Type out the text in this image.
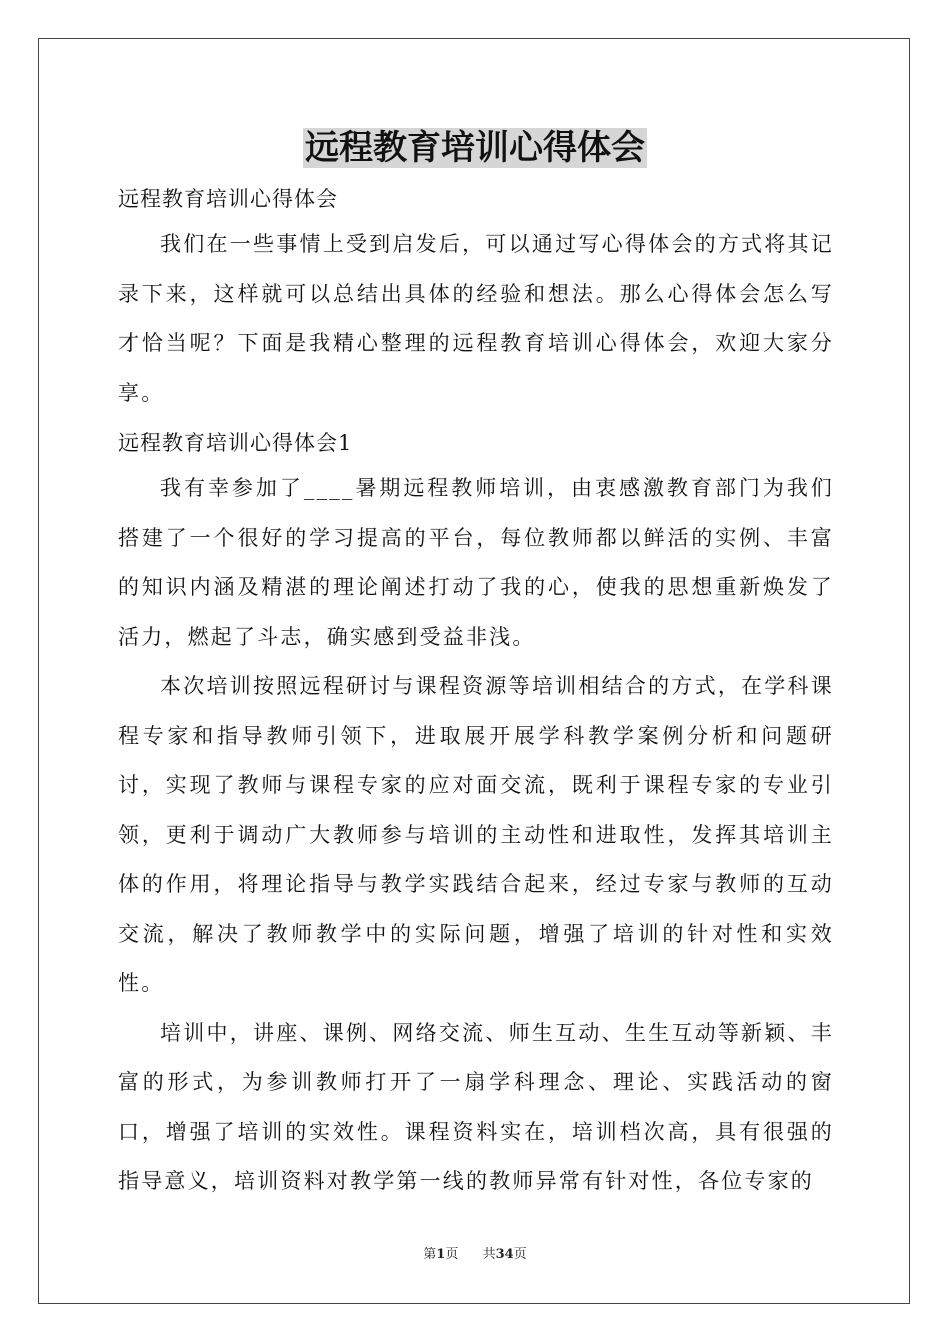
远程教育培训心得体会

远程教育培训心得体会

我们在一些事情上受到启发后，可以通过写心得体会的方式将其记录下来，这样就可以总结出具体的经验和想法。那么心得体会怎么写才恰当呢？下面是我精心整理的远程教育培训心得体会，欢迎大家分享。

远程教育培训心得体会1

我有幸参加了____暑期远程教师培训，由衷感激教育部门为我们搭建了一个很好的学习提高的平台，每位教师都以鲜活的实例、丰富的知识内涵及精湛的理论阐述打动了我的心，使我的思想重新焕发了活力，燃起了斗志，确实感到受益非浅。

本次培训按照远程研讨与课程资源等培训相结合的方式，在学科课程专家和指导教师引领下，进取展开展学科教学案例分析和问题研讨，实现了教师与课程专家的应对面交流，既利于课程专家的专业引领，更利于调动广大教师参与培训的主动性和进取性，发挥其培训主体的作用，将理论指导与教学实践结合起来，经过专家与教师的互动交流，解决了教师教学中的实际问题，增强了培训的针对性和实效性。

培训中，讲座、课例、网络交流、师生互动、生生互动等新颖、丰富的形式，为参训教师打开了一扇学科理念、理论、实践活动的窗口，增强了培训的实效性。课程资料实在，培训档次高，具有很强的指导意义，培训资料对教学第一线的教师异常有针对性，各位专家的

第1页 共34页
